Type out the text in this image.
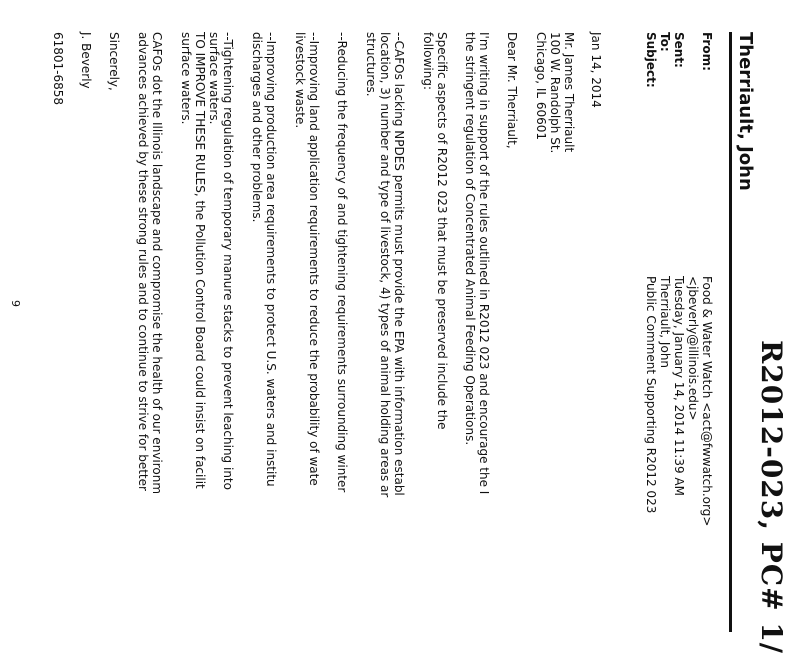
R2012-023, PC# 1/
Therriault, John
From:
Food & Water Watch <act@fwwatch.org>
<jbeverly@illinois.edu>
Sent:
Tuesday, January 14, 2014 11:39 AM
To:
Therriault, John
Subject:
Public Comment Supporting R2012 023
Jan 14, 2014
Mr. James Therriault
100 W. Randolph St.
Chicago, IL 60601
Dear Mr. Therriault,
I'm writing in support of the rules outlined in R2012 023 and encourage the I
the stringent regulation of Concentrated Animal Feeding Operations.
Specific aspects of R2012 023 that must be preserved include the
following:
--CAFOs lacking NPDES permits must provide the EPA with information establ
location, 3) number and type of livestock, 4) types of animal holding areas ar
structures.
--Reducing the frequency of and tightening requirements surrounding winter
--Improving land application requirements to reduce the probability of wate
livestock waste.
--Improving production area requirements to protect U.S. waters and institu
discharges and other problems.
--Tightening regulation of temporary manure stacks to prevent leaching into
surface waters.
TO IMPROVE THESE RULES, the Pollution Control Board could insist on facilit
surface waters.
CAFOs dot the Illinois landscape and compromise the health of our environm
advances achieved by these strong rules and to continue to strive for better
Sincerely,
J. Beverly
61801-6858
9
